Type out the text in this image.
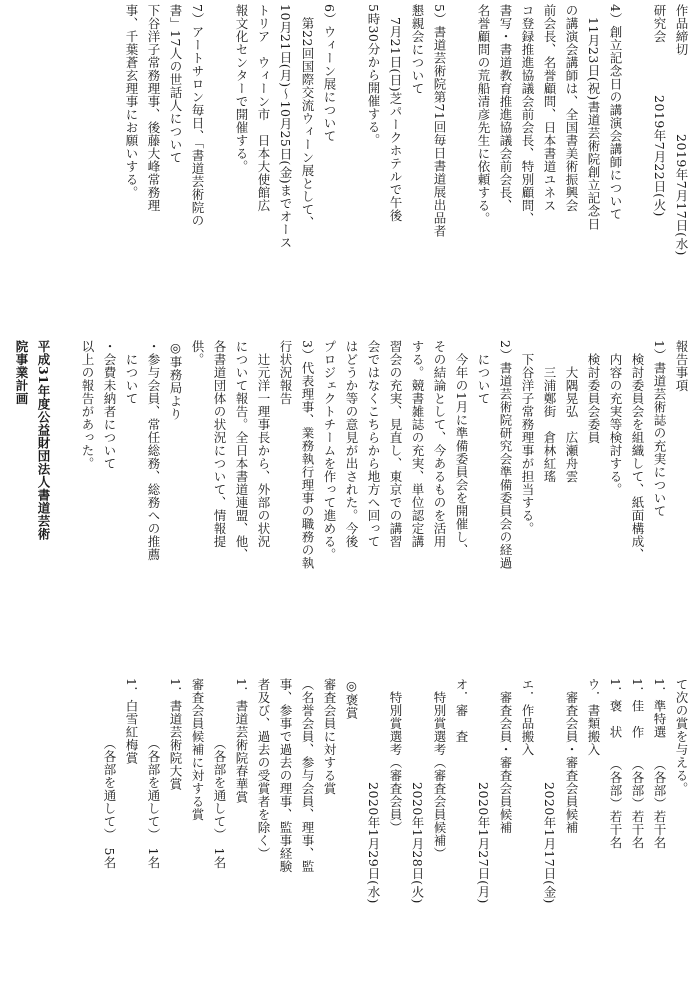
作品締切　　　　　　2019年7月17日(水)
研究会　　　　2019年7月22日(火)

4）創立記念日の講演会講師について
　11月23日(祝)書道芸術院創立記念日
の講演会講師は、全国書美術振興会
前会長、名誉顧問、日本書道ユネス
コ登録推進協議会前会長、特別顧問、
書写・書道教育推進協議会前会長、
名誉顧問の荒船清彦先生に依頼する。

5）書道芸術院第71回毎日書道展出品者
懇親会について
　7月21日(日)芝パークホテルで午後
5時30分から開催する。

6）ウィーン展について
　第22回国際交流ウィーン展として、
10月21日(月)〜10月25日(金)までオース
トリア　ウィーン市　日本大使館広
報文化センターで開催する。

7）アートサロン毎日、「書道芸術院の
書」17人の世話人について
下谷洋子常務理事、後藤大峰常務理
事、千葉蒼玄理事にお願いする。
報告事項
1）書道芸術誌の充実について
　検討委員会を組織して、紙面構成、
　内容の充実等検討する。
　検討委員会委員
　　大隅晃弘　広瀬舟雲
　　三浦鄭街　倉林紅瑤
　下谷洋子常務理事が担当する。
2）書道芸術院研究会準備委員会の経過
　について
　今年の1月に準備委員会を開催し、
その結論として、今あるものを活用
する。競書雑誌の充実、単位認定講
習会の充実、見直し、東京での講習
会ではなくこちらから地方へ回って
はどうか等の意見が出された。今後
プロジェクトチームを作って進める。
3）代表理事、業務執行理事の職務の執
行状況報告
　辻元洋一理事長から、外部の状況
について報告。全日本書道連盟、他、
各書道団体の状況について、情報提
供。
◎事務局より
・参与会員、常任総務、総務への推薦
　について
・会費未納者について
以上の報告があった。

平成31年度公益財団法人書道芸術
院事業計画

て次の賞を与える。
1．準特選　　（各部）若干名
1．佳　作　　（各部）若干名
1．褒　状　　（各部）若干名
ウ．書類搬入
　審査会員・審査会員候補
　　　　　　　　2020年1月17日(金)
エ．作品搬入
　審査会員・審査会員候補
　　　　　　　　2020年1月27日(月)
オ．審　査
　特別賞選考（審査会員候補）
　　　　　　　　2020年1月28日(火)
　特別賞選考（審査会員）
　　　　　　　　2020年1月29日(水)
◎褒賞
審査会員に対する賞
（名誉会員、参与会員、理事、監
事、参事で過去の理事、監事経験
者及び、過去の受賞者を除く）
1．書道芸術院春華賞
　　　　　（各部を通して）　1名
審査会員候補に対する賞
1．書道芸術院大賞
　　　　　（各部を通して）　1名
1．白雪紅梅賞
　　　　　（各部を通して）　5名
